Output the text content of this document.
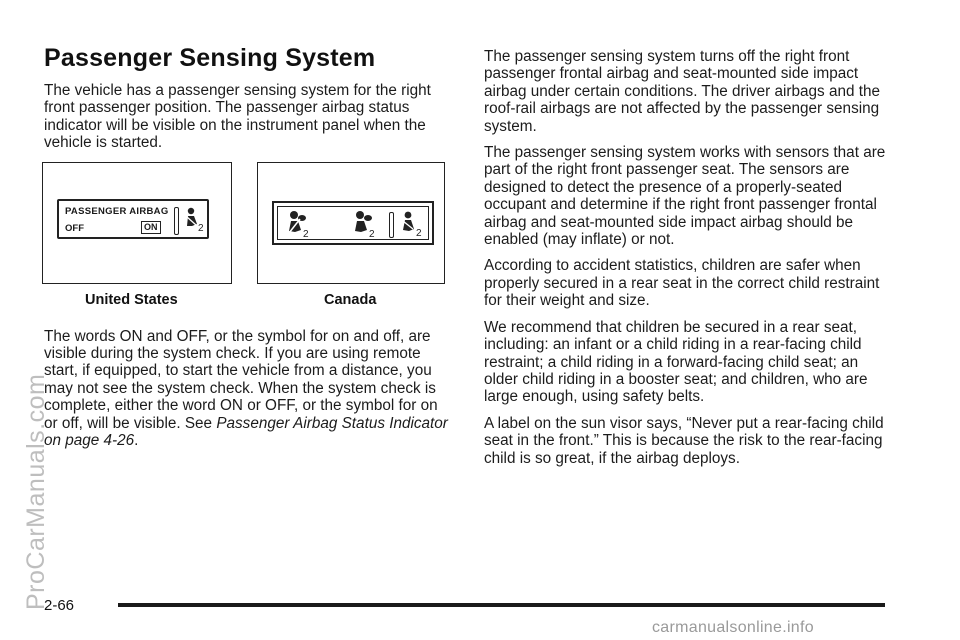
Passenger Sensing System

The vehicle has a passenger sensing system for the right front passenger position. The passenger airbag status indicator will be visible on the instrument panel when the vehicle is started.

PASSENGER AIRBAG
OFF	ON	2
2	2	2
United States	Canada

The words ON and OFF, or the symbol for on and off, are visible during the system check. If you are using remote start, if equipped, to start the vehicle from a distance, you may not see the system check. When the system check is complete, either the word ON or OFF, or the symbol for on or off, will be visible. See Passenger Airbag Status Indicator on page 4-26.

The passenger sensing system turns off the right front passenger frontal airbag and seat-mounted side impact airbag under certain conditions. The driver airbags and the roof-rail airbags are not affected by the passenger sensing system.

The passenger sensing system works with sensors that are part of the right front passenger seat. The sensors are designed to detect the presence of a properly-seated occupant and determine if the right front passenger frontal airbag and seat-mounted side impact airbag should be enabled (may inflate) or not.

According to accident statistics, children are safer when properly secured in a rear seat in the correct child restraint for their weight and size.

We recommend that children be secured in a rear seat, including: an infant or a child riding in a rear-facing child restraint; a child riding in a forward-facing child seat; an older child riding in a booster seat; and children, who are large enough, using safety belts.

A label on the sun visor says, “Never put a rear-facing child seat in the front.” This is because the risk to the rear-facing child is so great, if the airbag deploys.

ProCarManuals.com
2-66
carmanualsonline.info
